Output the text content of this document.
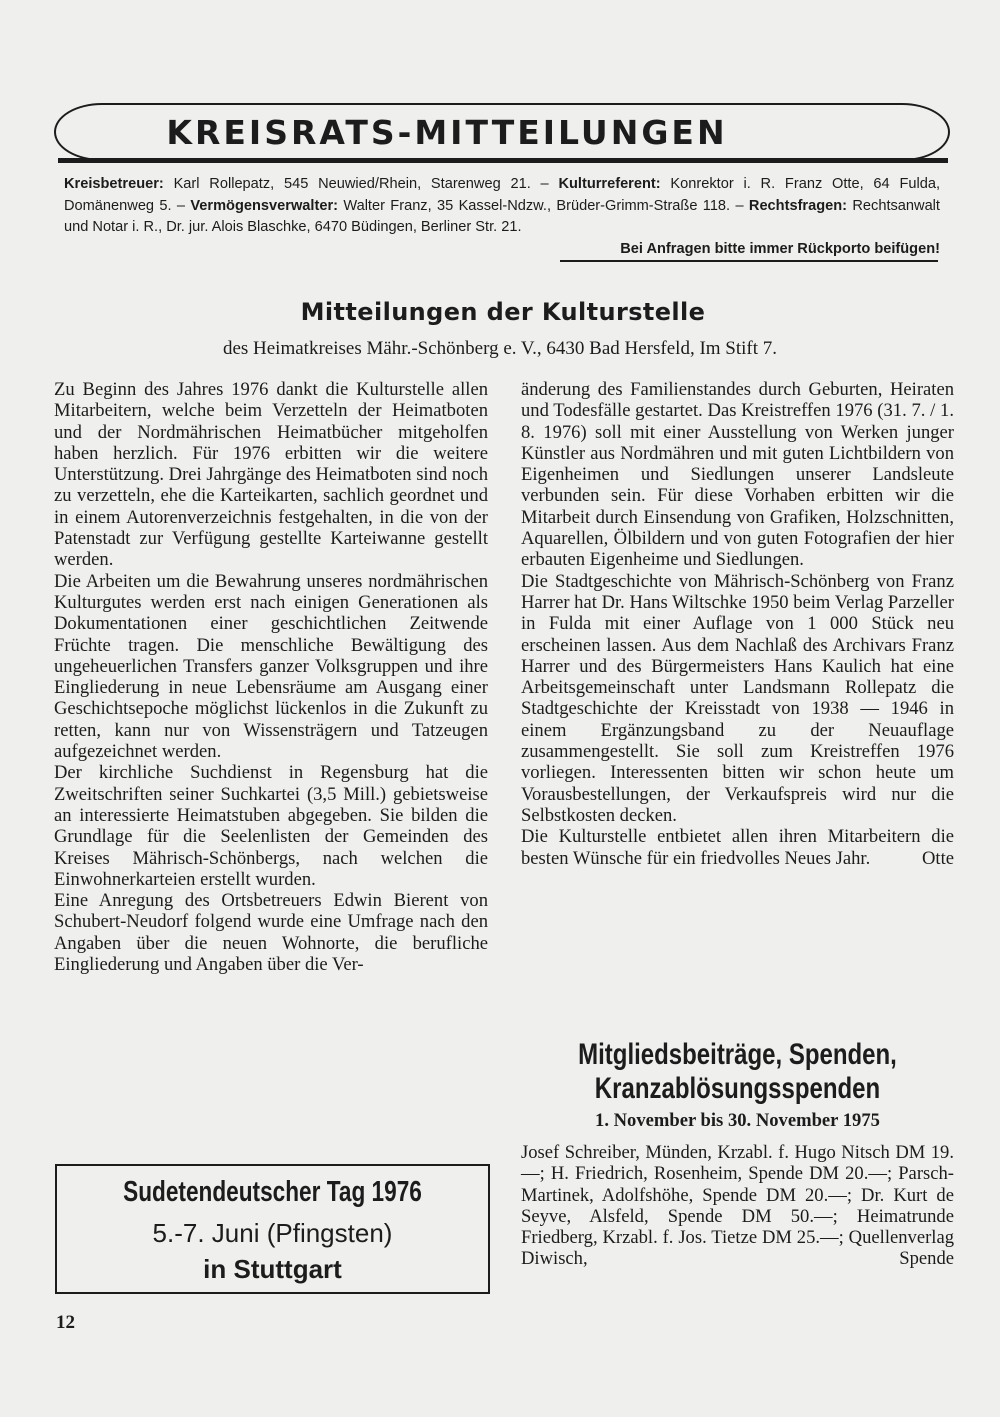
KREISRATS-MITTEILUNGEN
Kreisbetreuer: Karl Rollepatz, 545 Neuwied/Rhein, Starenweg 21. – Kulturreferent: Konrektor i. R. Franz Otte, 64 Fulda, Domänenweg 5. – Vermögensverwalter: Walter Franz, 35 Kassel-Ndzw., Brüder-Grimm-Straße 118. – Rechtsfragen: Rechtsanwalt und Notar i. R., Dr. jur. Alois Blaschke, 6470 Büdingen, Berliner Str. 21.
Bei Anfragen bitte immer Rückporto beifügen!
Mitteilungen der Kulturstelle
des Heimatkreises Mähr.-Schönberg e. V., 6430 Bad Hersfeld, Im Stift 7.

Zu Beginn des Jahres 1976 dankt die Kulturstelle allen Mitarbeitern, welche beim Verzetteln der Heimatboten und der Nordmährischen Heimatbücher mitgeholfen haben herzlich. Für 1976 erbitten wir die weitere Unterstützung. Drei Jahrgänge des Heimatboten sind noch zu verzetteln, ehe die Karteikarten, sachlich geordnet und in einem Autorenverzeichnis festgehalten, in die von der Patenstadt zur Verfügung gestellte Karteiwanne gestellt werden.

Die Arbeiten um die Bewahrung unseres nordmährischen Kulturgutes werden erst nach einigen Generationen als Dokumentationen einer geschichtlichen Zeitwende Früchte tragen. Die menschliche Bewältigung des ungeheuerlichen Transfers ganzer Volksgruppen und ihre Eingliederung in neue Lebensräume am Ausgang einer Geschichtsepoche möglichst lückenlos in die Zukunft zu retten, kann nur von Wissensträgern und Tatzeugen aufgezeichnet werden.

Der kirchliche Suchdienst in Regensburg hat die Zweitschriften seiner Suchkartei (3,5 Mill.) gebietsweise an interessierte Heimatstuben abgegeben. Sie bilden die Grundlage für die Seelenlisten der Gemeinden des Kreises Mährisch-Schönbergs, nach welchen die Einwohnerkarteien erstellt wurden.

Eine Anregung des Ortsbetreuers Edwin Bierent von Schubert-Neudorf folgend wurde eine Umfrage nach den Angaben über die neuen Wohnorte, die berufliche Eingliederung und Angaben über die Ver-

änderung des Familienstandes durch Geburten, Heiraten und Todesfälle gestartet. Das Kreistreffen 1976 (31. 7. / 1. 8. 1976) soll mit einer Ausstellung von Werken junger Künstler aus Nordmähren und mit guten Lichtbildern von Eigenheimen und Siedlungen unserer Landsleute verbunden sein. Für diese Vorhaben erbitten wir die Mitarbeit durch Einsendung von Grafiken, Holzschnitten, Aquarellen, Ölbildern und von guten Fotografien der hier erbauten Eigenheime und Siedlungen.

Die Stadtgeschichte von Mährisch-Schönberg von Franz Harrer hat Dr. Hans Wiltschke 1950 beim Verlag Parzeller in Fulda mit einer Auflage von 1 000 Stück neu erscheinen lassen. Aus dem Nachlaß des Archivars Franz Harrer und des Bürgermeisters Hans Kaulich hat eine Arbeitsgemeinschaft unter Landsmann Rollepatz die Stadtgeschichte der Kreisstadt von 1938 — 1946 in einem Ergänzungsband zu der Neuauflage zusammengestellt. Sie soll zum Kreistreffen 1976 vorliegen. Interessenten bitten wir schon heute um Vorausbestellungen, der Verkaufspreis wird nur die Selbstkosten decken.

Die Kulturstelle entbietet allen ihren Mitarbeitern die besten Wünsche für ein friedvolles Neues Jahr.	Otte

Sudetendeutscher Tag 1976
5.-7. Juni (Pfingsten)
in Stuttgart
Mitgliedsbeiträge, Spenden,
Kranzablösungsspenden
1. November bis 30. November 1975
Josef Schreiber, Münden, Krzabl. f. Hugo Nitsch DM 19.—; H. Friedrich, Rosenheim, Spende DM 20.—; Parsch-Martinek, Adolfshöhe, Spende DM 20.—; Dr. Kurt de Seyve, Alsfeld, Spende DM 50.—; Heimatrunde Friedberg, Krzabl. f. Jos. Tietze DM 25.—; Quellenverlag Diwisch, Spende
12
